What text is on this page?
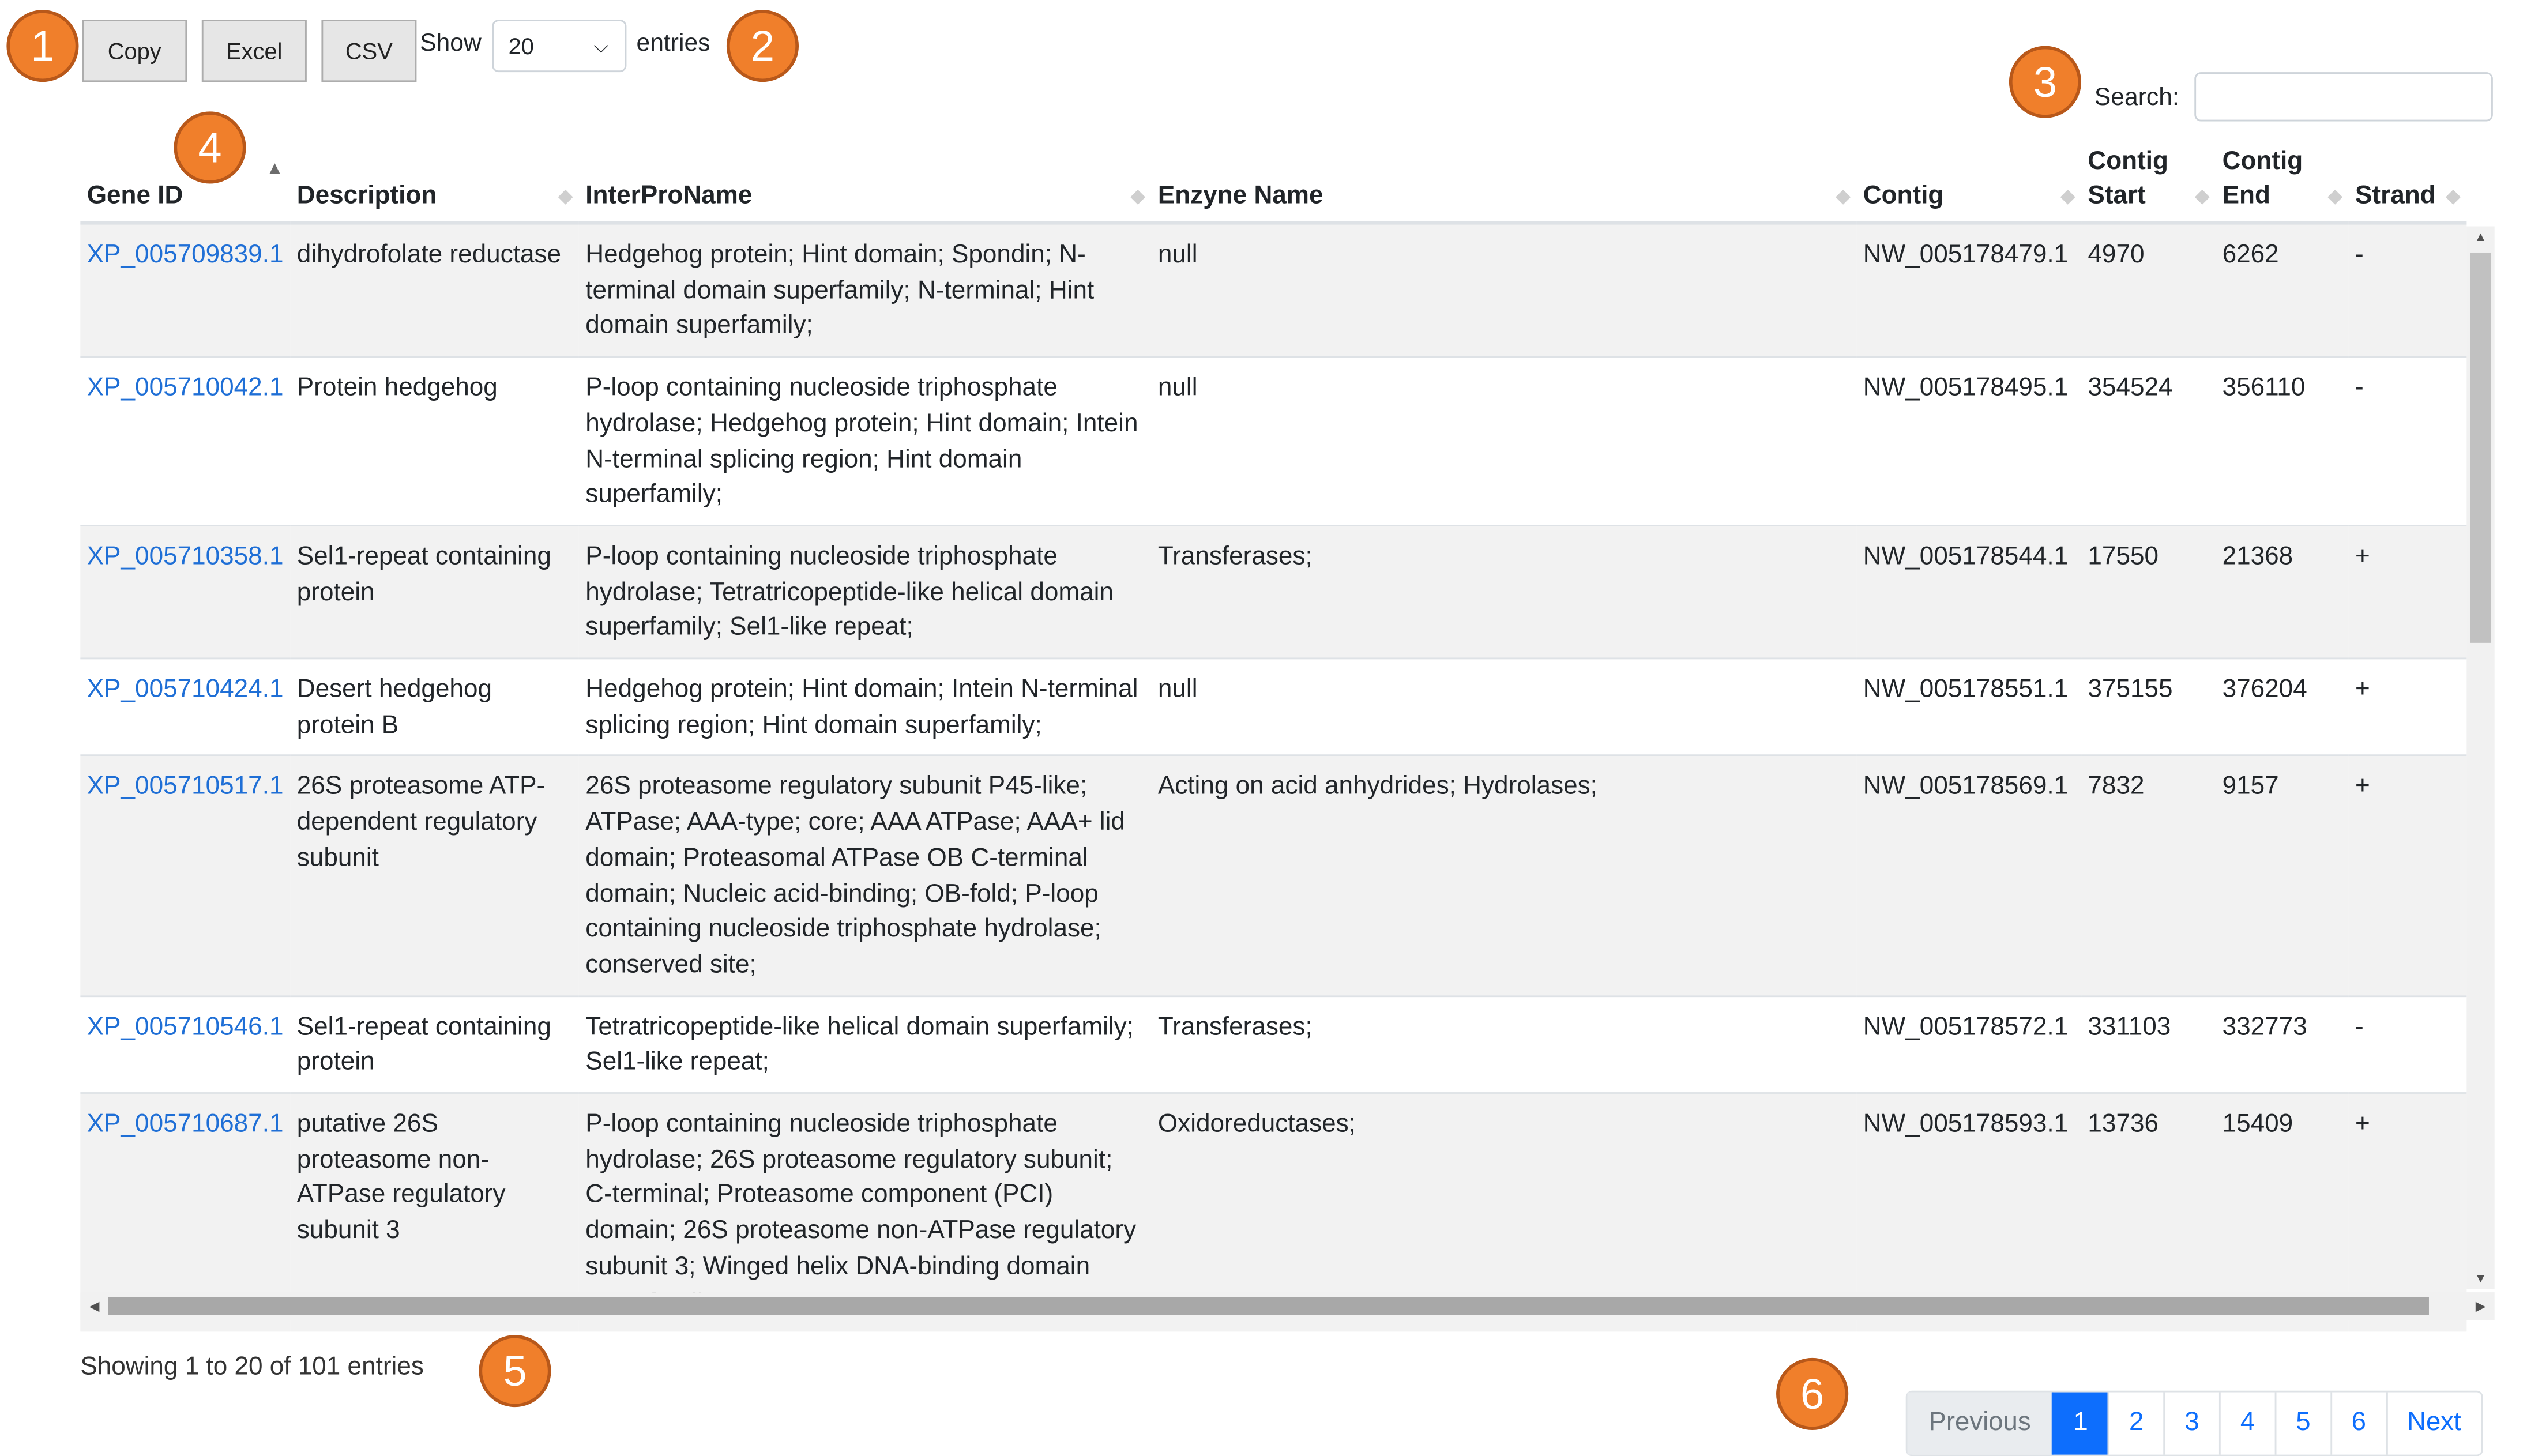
1	2
3
4
5	6
Copy	Excel	CSV	Show	20	⌵	entries
Search:
Gene ID
▲	Description ◆	InterProName ◆	Enzyne Name ◆	Contig ◆	Contig Start ◆	Contig End ◆	Strand ◆

XP_005709839.1	dihydrofolate reductase	Hedgehog protein; Hint domain; Spondin; N-terminal domain superfamily; N-terminal; Hint domain superfamily;	null	NW_005178479.1	4970	6262	-
XP_005710042.1	Protein hedgehog	P-loop containing nucleoside triphosphate hydrolase; Hedgehog protein; Hint domain; Intein N-terminal splicing region; Hint domain superfamily;	null	NW_005178495.1	354524	356110	-
XP_005710358.1	Sel1-repeat containing protein	P-loop containing nucleoside triphosphate hydrolase; Tetratricopeptide-like helical domain superfamily; Sel1-like repeat;	Transferases;	NW_005178544.1	17550	21368	+
XP_005710424.1	Desert hedgehog protein B	Hedgehog protein; Hint domain; Intein N-terminal splicing region; Hint domain superfamily;	null	NW_005178551.1	375155	376204	+
XP_005710517.1	26S proteasome ATP-dependent regulatory subunit	26S proteasome regulatory subunit P45-like; ATPase; AAA-type; core; AAA ATPase; AAA+ lid domain; Proteasomal ATPase OB C-terminal domain; Nucleic acid-binding; OB-fold; P-loop containing nucleoside triphosphate hydrolase; conserved site;	Acting on acid anhydrides; Hydrolases;	NW_005178569.1	7832	9157	+
XP_005710546.1	Sel1-repeat containing protein	Tetratricopeptide-like helical domain superfamily; Sel1-like repeat;	Transferases;	NW_005178572.1	331103	332773	-
XP_005710687.1	putative 26S proteasome non-ATPase regulatory subunit 3	P-loop containing nucleoside triphosphate hydrolase; 26S proteasome regulatory subunit; C-terminal; Proteasome component (PCI) domain; 26S proteasome non-ATPase regulatory subunit 3; Winged helix DNA-binding domain	Oxidoreductases;	NW_005178593.1	13736	15409	+
▲
▼
◀	▶
Showing 1 to 20 of 101 entries
Previous	1	2	3	4	5	6	Next
